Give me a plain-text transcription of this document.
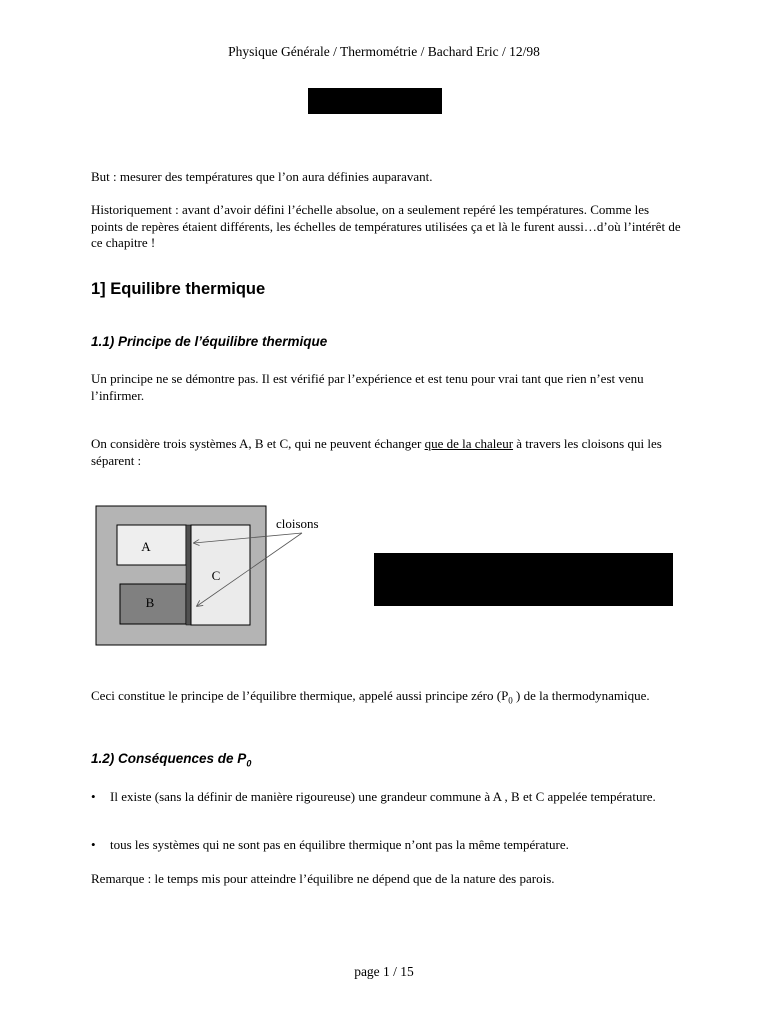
Physique Générale / Thermométrie / Bachard Eric / 12/98
But : mesurer des températures que l’on aura définies auparavant.
Historiquement : avant d’avoir défini l’échelle absolue, on a seulement repéré les températures. Comme les points de repères étaient différents, les échelles de températures utilisées ça et là le furent aussi…d’où l’intérêt de ce chapitre !
1] Equilibre thermique
1.1) Principe de l’équilibre thermique
Un principe ne se démontre pas. Il est vérifié par l’expérience et est tenu pour vrai tant que rien n’est venu l’infirmer.
On considère trois systèmes A, B et C, qui ne peuvent échanger que de la chaleur à travers les cloisons qui les séparent :
A
B
C
cloisons
Ceci constitue le principe de l’équilibre thermique, appelé aussi principe zéro ($P_0$ ) de la thermodynamique.
1.2) Conséquences de $P_0$
• Il existe (sans la définir de manière rigoureuse) une grandeur commune à A , B et C appelée température.
• tous les systèmes qui ne sont pas en équilibre thermique n’ont pas la même température.
Remarque : le temps mis pour atteindre l’équilibre ne dépend que de la nature des parois.
page 1 / 15
